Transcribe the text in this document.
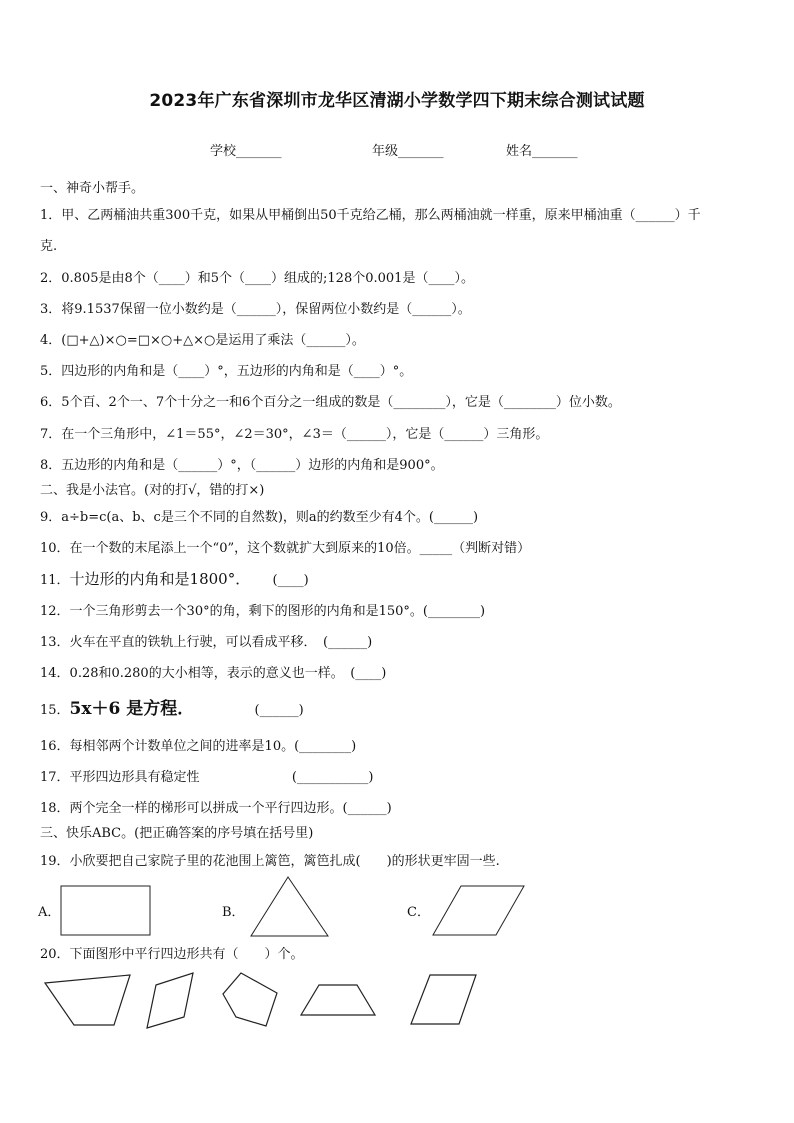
2023年广东省深圳市龙华区清湖小学数学四下期末综合测试试题
学校_______	年级_______	姓名_______
一、神奇小帮手。
1．甲、乙两桶油共重300千克，如果从甲桶倒出50千克给乙桶，那么两桶油就一样重，原来甲桶油重（______）千
克.
2．0.805是由8个（____）和5个（____）组成的;128个0.001是（____）。
3．将9.1537保留一位小数约是（______），保留两位小数约是（______）。
4．(□+△)×○=□×○+△×○是运用了乘法（______）。
5．四边形的内角和是（____）°，五边形的内角和是（____）°。
6．5个百、2个一、7个十分之一和6个百分之一组成的数是（________），它是（________）位小数。
7．在一个三角形中，∠1＝55°，∠2＝30°，∠3＝（______），它是（______）三角形。
8．五边形的内角和是（______）°，（______）边形的内角和是900°。
二、我是小法官。(对的打√，错的打×)
9．a÷b=c(a、b、c是三个不同的自然数)，则a的约数至少有4个。(______)
10．在一个数的末尾添上一个“0”，这个数就扩大到原来的10倍。_____（判断对错）
11．十边形的内角和是1800°． (____)
12．一个三角形剪去一个30°的角，剩下的图形的内角和是150°。(________)
13．火车在平直的铁轨上行驶，可以看成平移．　(______)
14．0.28和0.280的大小相等，表示的意义也一样。　(____)
15．5x＋6 是方程．	(______)
16．每相邻两个计数单位之间的进率是10。(________)
17．平形四边形具有稳定性	(___________)
18．两个完全一样的梯形可以拼成一个平行四边形。(______)
三、快乐ABC。(把正确答案的序号填在括号里)
19．小欣要把自己家院子里的花池围上篱笆，篱笆扎成(　　)的形状更牢固一些.
A．	B．	C．
20．下面图形中平行四边形共有（　　）个。
